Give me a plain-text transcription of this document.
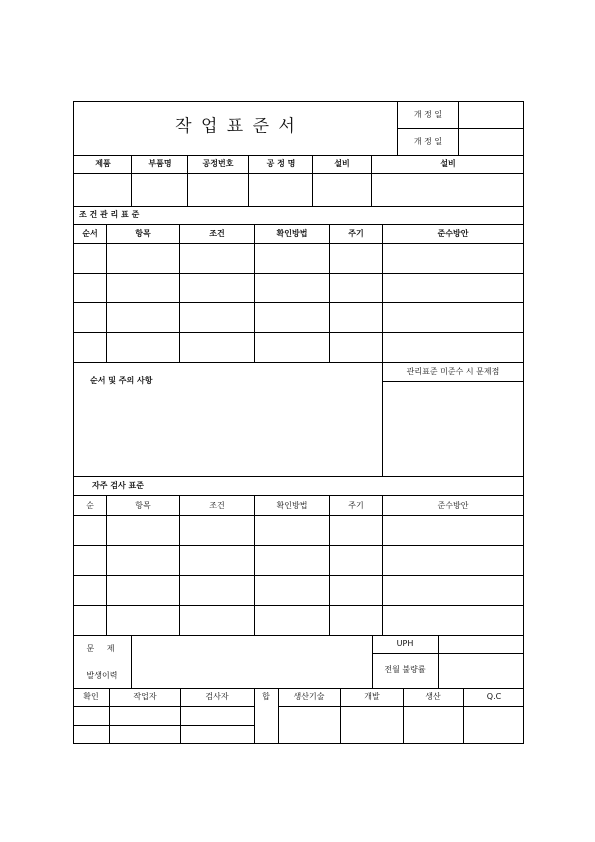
작 업 표 준 서
개 정 일
개 정 일
제품	부품명	공정번호	공 정 명	설비	설비
조 건 관 리 표 준
순서	항목	조건	확인방법	주기	준수방안
순서 및 주의 사항
관리표준 미준수 시 문제점
자주 검사 표준
순	항목	조건	확인방법	주기	준수방안
문 제
발생이력
UPH
전월 불량률
확인	작업자	검사자	합	생산기술	개발	생산	Q.C
